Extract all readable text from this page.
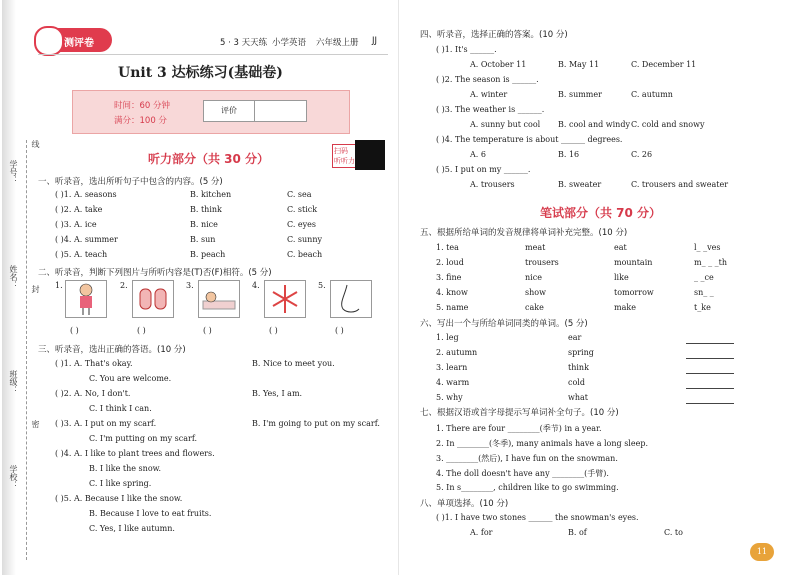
学号：
姓名：
班级：
学校：
线
封
密
测评卷	5 · 3 天天练 小学英语 六年级上册 JJ
Unit 3 达标练习(基础卷)
时间：60 分钟
满分：100 分
评价
听力部分（共 30 分）
扫码
听听力
一、听录音，选出所听句子中包含的内容。(5 分)
( )1. A. seasons	B. kitchen	C. sea
( )2. A. take	B. think	C. stick
( )3. A. ice	B. nice	C. eyes
( )4. A. summer	B. sun	C. sunny
( )5. A. teach	B. peach	C. beach
二、听录音，判断下列图片与所听内容是(T)否(F)相符。(5 分)
1.	2.	3.	4.	5.
( )	( )	( )	( )	( )
三、听录音，选出正确的答语。(10 分)
( )1. A. That's okay.	B. Nice to meet you.
C. You are welcome.
( )2. A. No, I don't.	B. Yes, I am.
C. I think I can.
( )3. A. I put on my scarf.	B. I'm going to put on my scarf.
C. I'm putting on my scarf.
( )4. A. I like to plant trees and flowers.
B. I like the snow.
C. I like spring.
( )5. A. Because I like the snow.
B. Because I love to eat fruits.
C. Yes, I like autumn.
四、听录音，选择正确的答案。(10 分)
( )1. It's ______.
A. October 11	B. May 11	C. December 11
( )2. The season is ______.
A. winter	B. summer	C. autumn
( )3. The weather is ______.
A. sunny but cool B. cool and windy C. cold and snowy
( )4. The temperature is about ______ degrees.
A. 6	B. 16	C. 26
( )5. I put on my ______.
A. trousers	B. sweater	C. trousers and sweater
笔试部分（共 70 分）
五、根据所给单词的发音规律将单词补充完整。(10 分)
1. tea	meat	eat	l_ _ves
2. loud	trousers	mountain	m_ _ _th
3. fine	nice	like	_ _ce
4. know	show	tomorrow	sn_ _
5. name	cake	make	t_ke
六、写出一个与所给单词同类的单词。(5 分)
1. leg	ear
2. autumn	spring
3. learn	think
4. warm	cold
5. why	what
七、根据汉语或首字母提示写单词补全句子。(10 分)
1. There are four ________(季节) in a year.
2. In ________(冬季), many animals have a long sleep.
3. ________(然后), I have fun on the snowman.
4. The doll doesn't have any ________(手臂).
5. In s________, children like to go swimming.
八、单项选择。(10 分)
( )1. I have two stones ______ the snowman's eyes.
A. for	B. of	C. to
11
